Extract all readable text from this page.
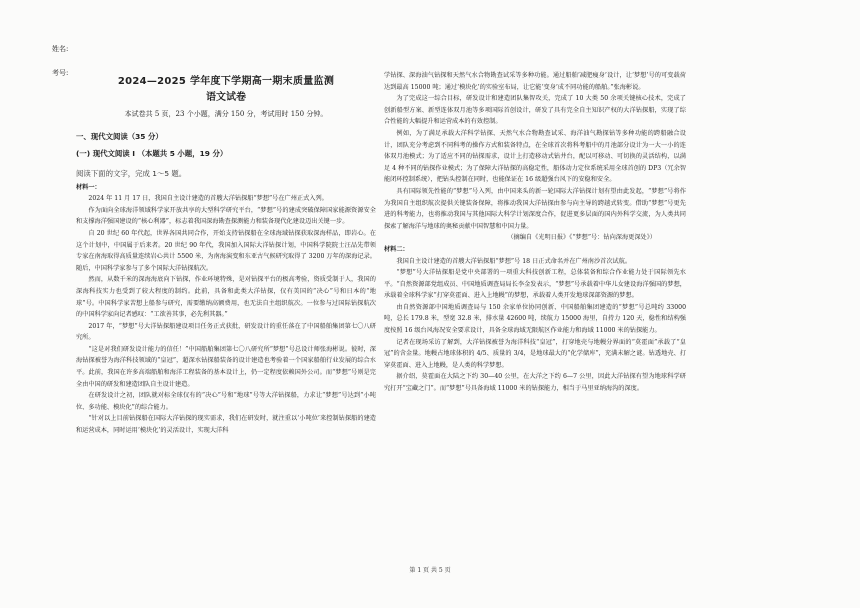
姓名:
考号:
2024—2025 学年度下学期高一期末质量监测
语文试卷
本试卷共 5 页，23 个小题，满分 150 分，考试用时 150 分钟。
一、现代文阅读（35 分）
(一) 现代文阅读 Ⅰ （本题共 5 小题，19 分）
阅读下面的文字，完成 1～5 题。
材料一：

2024 年 11 月 17 日，我国自主设计建造的首艘大洋钻探船“梦想”号在广州正式入列。

作为面向全球海洋领域科学家开放共享的大型科学研究平台，“梦想”号的建成突破保障国家能源资源安全和支撑海洋强国建设的“核心利器”，标志着我国深海勘查探测能力和装备现代化建设迈出关键一步。

自 20 世纪 60 年代起，世界各国共同合作，开始支持钻探船在全球海域钻探获取深海样品，即岩心。在这个计划中，中国属于后来者。20 世纪 90 年代，我国加入国际大洋钻探计划，中国科学院院士汪品先带领专家在南海取得高质量连续岩心共计 5500 米，为南海演变和东亚古气候研究取得了 3200 万年的深海记录。随后，中国科学家参与了多个国际大洋钻探航次。

然而，从数千米的深海海底向下钻探，作业环境特殊，是对钻探平台的极高考验，资质受制于人，我国的深海科技实力也受到了较大程度的制约。此前，具备和此类大洋钻探，仅有美国的“决心”号和日本的“地球”号。中国科学家苦想上船参与研究，需要缴纳高额费用，也无法自主组织航次。一位参与过国际钻探航次的中国科学家向记者感叹：“工欲善其事，必先利其器。”

2017 年，“梦想”号大洋钻探船建设项目任务正式获批，研发设计的重任落在了中国船舶集团第七〇八研究所。

“这是对我们研发设计能力的信任！”中国船舶集团第七〇八研究所“梦想”号总设计师张海彬说。彼时，深海钻探被誉为海洋科技领域的“皇冠”，超深水钻探船装备的设计建造也考验着一个国家船舶行业发展的综合水平。此前，我国在许多高端船舶和海洋工程装备的基本设计上，仍一定程度依赖国外公司。而“梦想”号则是完全由中国的研发和建造团队自主设计建造。

在研发设计之初，团队就对标全球仅有的“决心”号和“地球”号等大洋钻探船，力求让“梦想”号达到“小吨位、多功能、模块化”的综合能力。

“针对以上目前钻探船在国际大洋钻探的现实需求，我们在研发时，就注重以‘小吨位’来控制钻探船的建造和运营成本，同时运用‘模块化’的灵活设计，实现大洋科

学钻探、深海油气钻探和天然气水合物勘查试采等多种功能。通过船舶‘减肥瘦身’设计，让‘梦想’号的可变载荷达到最高 15000 吨；通过‘模块化’的实验室布局，让它能‘变身’成不同功能的船舶。”张海彬说。

为了完成这一综合目标，研发设计和建造团队集智攻关，完成了 10 大类 50 余项关键核心技术，完成了创新船型方案、新型连体双月池等多项国际首创设计，研发了具有完全自主知识产权的大洋钻探船，实现了综合性能的大幅提升和运营成本的有效控制。

例如，为了满足承载大洋科学钻探、天然气水合物勘查试采、海洋油气勘探钻等多种功能的跨船融合设计，团队充分考虑到不同科考的操作方式和装备特点，在全球首次将科考船中的月池部分设计为一大一小的连体双月池模式；为了适应不同的钻探需求，设计上打造移动式钻井台，配以可移动、可切换的灵活结构，以满足 4 种不同的钻探作业模式；为了保障大洋钻探的高稳定性，船体动力定位系统采用全球首创的 DP3（冗余智能闭环控制系统），把钻头控制在同时，也能保证在 16 级超强台风下的安稳和安全。

具有国际领先性能的“梦想”号入列，由中国来头的新一轮国际大洋钻探计划有望由此发起，“梦想”号将作为我国自主组织航次提供关键装备保障，将推动我国大洋钻探由参与向主导的跨越式转变。借助“梦想”号更先进的科考能力，也将推动我国与其他国际大科学计划深度合作，促进更多层面的国内外科学交流，为人类共同探索了解海洋与地球的奥秘贡献中国智慧和中国力量。

（摘编自《光明日报》《“梦想”号：钻向深海更深处》）

材料二：

我国自主设计建造的首艘大洋钻探船“梦想”号 18 日正式命名并在广州南沙首次试航。

“梦想”号大洋钻探船是党中央部署的一项重大科技创新工程，总体装备和综合作业能力处于国际领先水平。“自然资源部党组成员、中国地质调查局局长李金发表示，“梦想”号承载着中华儿女建设海洋强国的梦想，承载着全球科学家“打穿莫霍面、进入上地幔”的梦想，承载着人类开发地球深部资源的梦想。

由自然资源部中国地质调查局与 150 余家单位协同创新、中国船舶集团建造的“梦想”号总吨约 33000 吨，总长 179.8 米，型宽 32.8 米，排水量 42600 吨，续航力 15000 海里，自持力 120 天，稳性和结构强度按照 16 级台风海况安全要求设计，具备全球海域无限航区作业能力和海域 11000 米的钻探能力。

记者在现场采访了解到，大洋钻探被誉为海洋科技“皇冠”，打穿地壳与地幔分界面的“莫霍面”承载了“皇冠”的含金量。地幔占地球体积的 4/5、质量的 3/4，是地球最大的“化学储库”，充满未解之谜。钻透地壳、打穿莫霍面、进入上地幔，是人类的科学梦想。

据介绍，莫霍面在大陆之下约 30—40 公里，在大洋之下约 6—7 公里，因此大洋钻探有望为地球科学研究打开“宝藏之门”。而“梦想”号具备海域 11000 米的钻探能力，相当于马里亚纳海沟的深度。

第 1 页 共 5 页
